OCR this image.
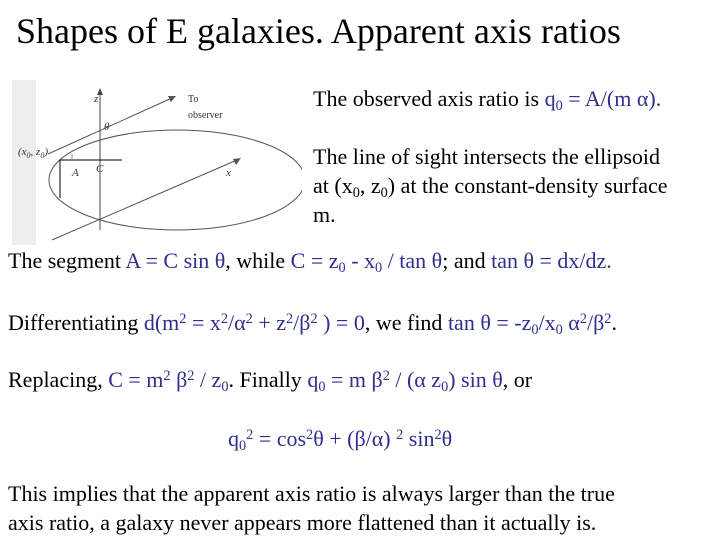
Shapes of E galaxies. Apparent axis ratios
z
θ
To
observer
($x_0$, $z_0$)
C
A	x
The observed axis ratio is $q_0 = A/(m$ α).
The line of sight intersects the ellipsoid
at ($x_0$, $z_0$) at the constant-density surface
m.
The segment A = C sin θ, while $C = z_0 - x_0 / \tan \theta$; and tan θ = dx/dz.
Differentiating $d(m^2 = x^2/\alpha^2 + z^2/\beta^2$ ) = 0, we find $\tan \theta = -z_0/x_0$ $\alpha^2/\beta^2$.
Replacing, $C = m^2$ $\beta^2 / z_0$. Finally $q_0 = m$ $\beta^2 / (\alpha$ $z_0$) sin θ, or
$q_0^2 = \cos^2\theta + (\beta/\alpha)$ $^2$ $\sin^2\theta$
This implies that the apparent axis ratio is always larger than the true
axis ratio, a galaxy never appears more flattened than it actually is.
